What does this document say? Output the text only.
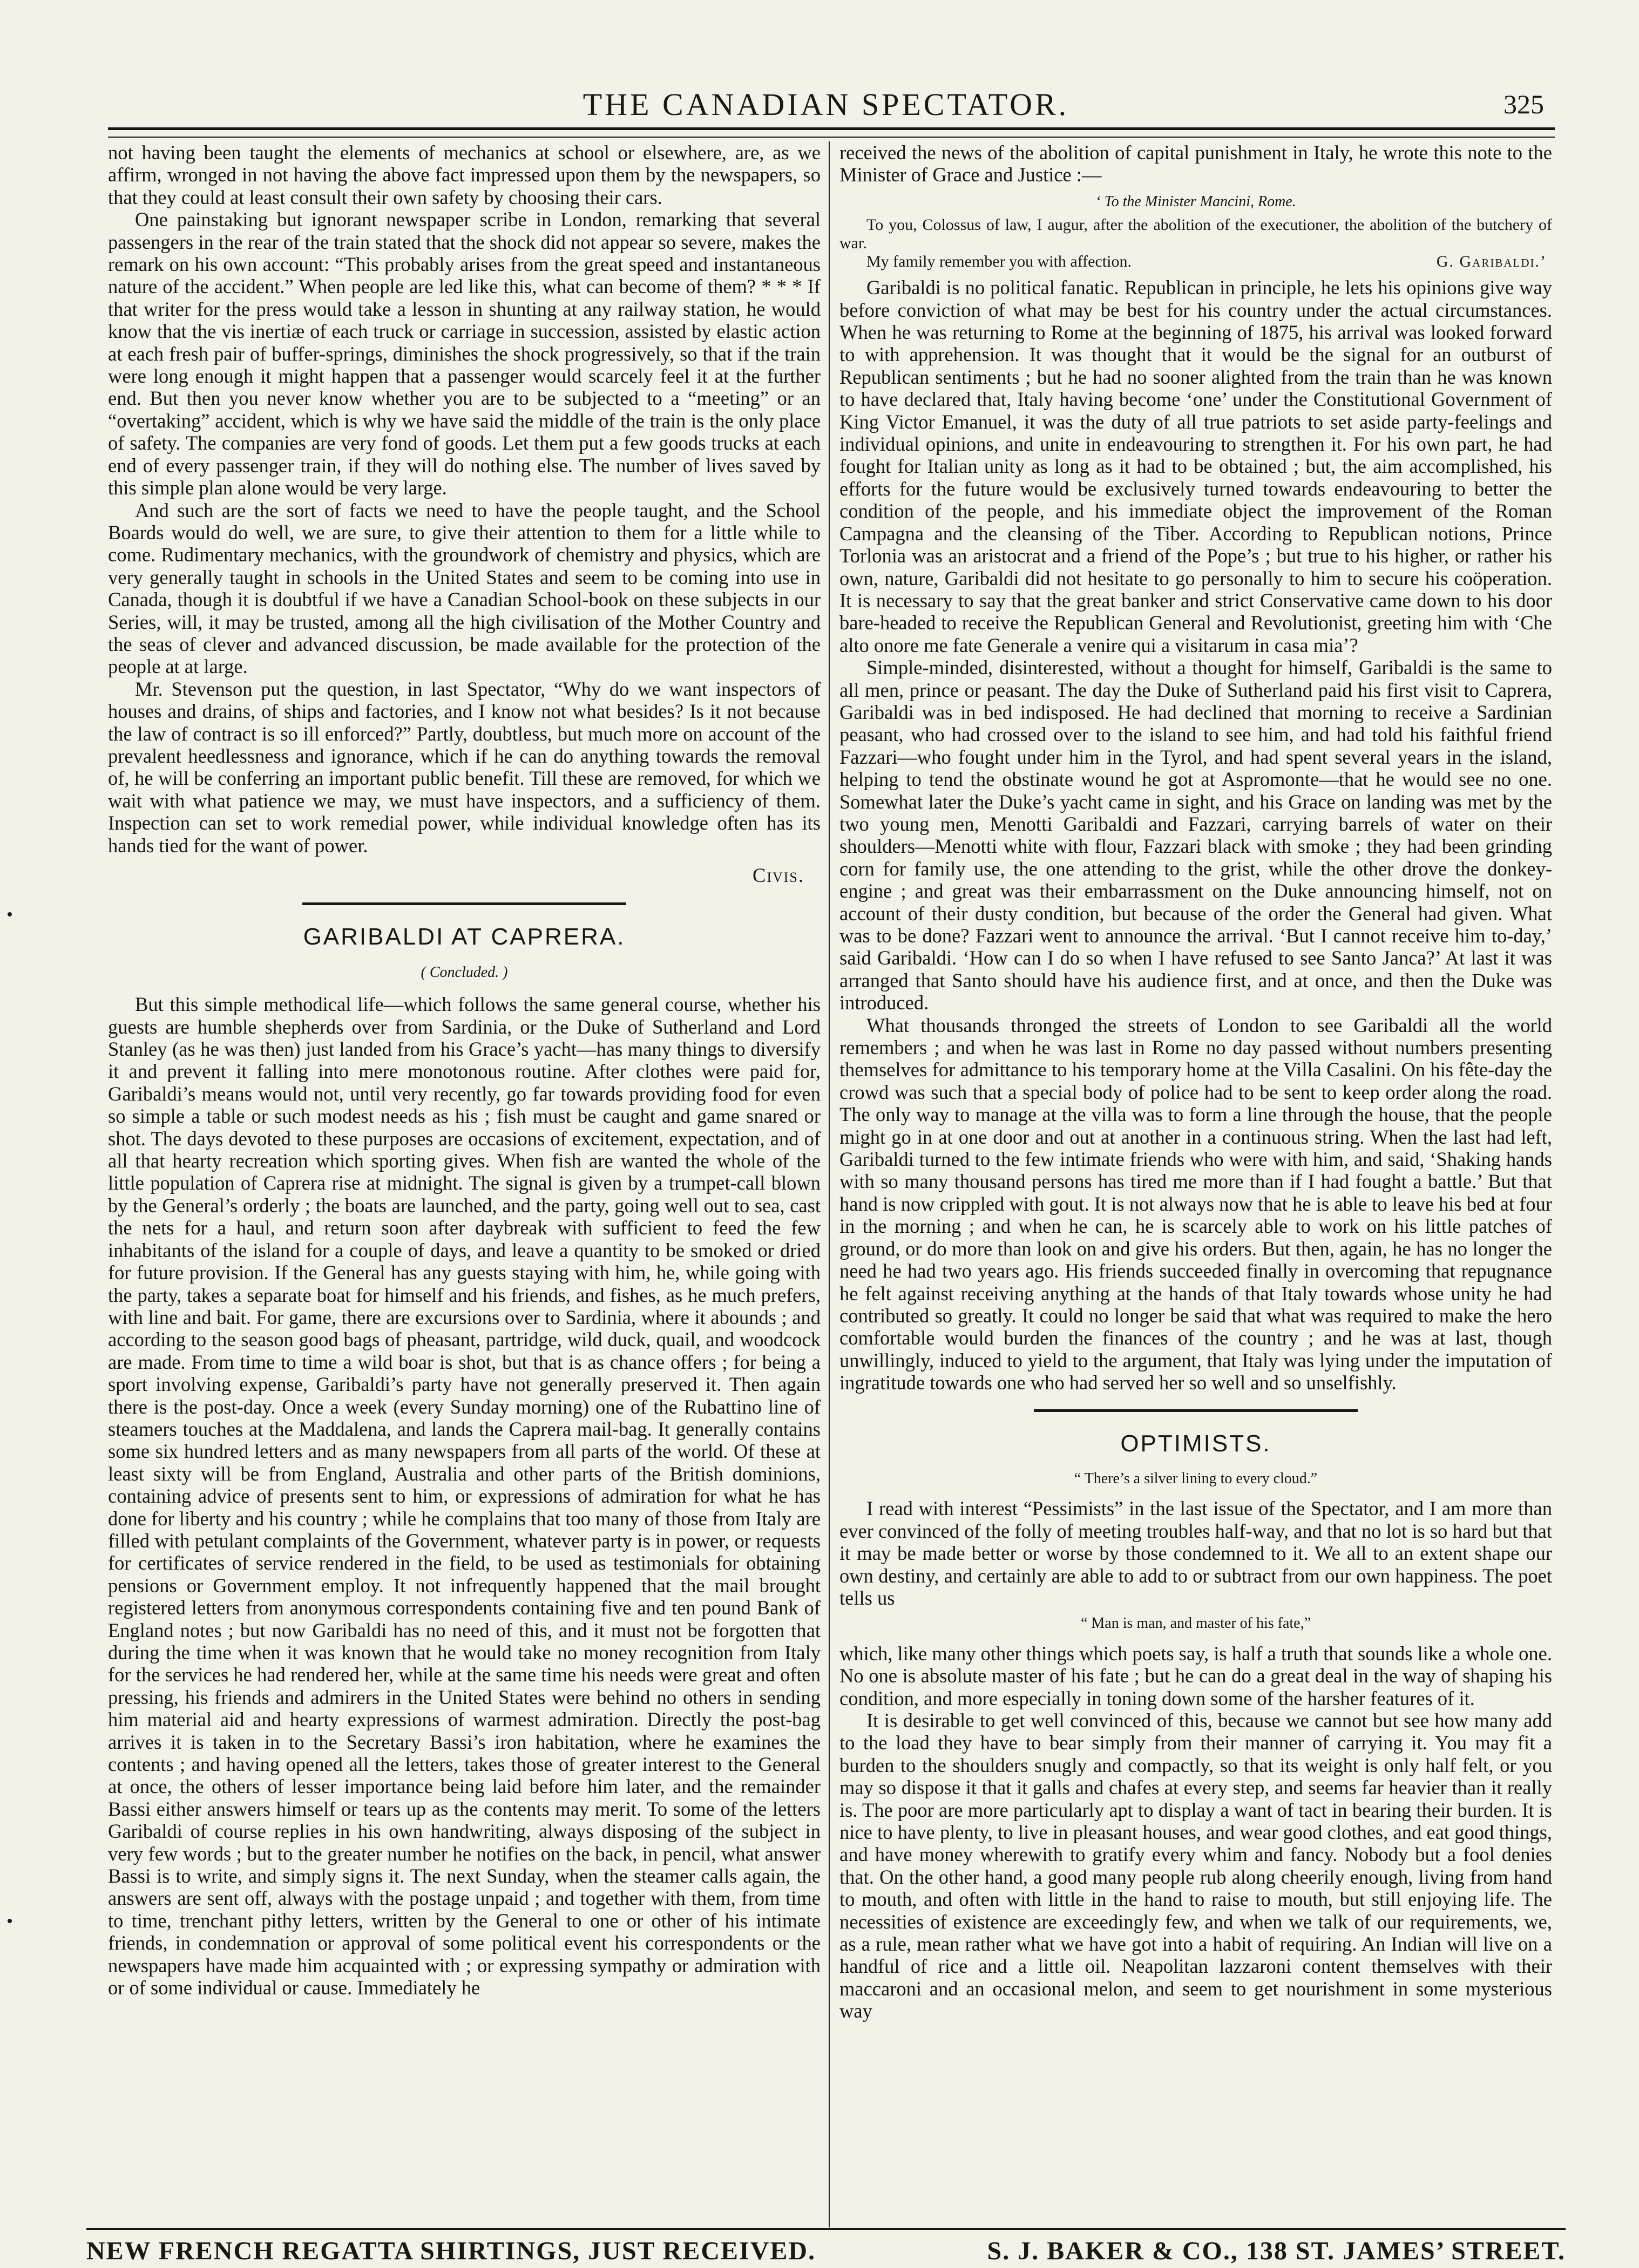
THE CANADIAN SPECTATOR.	325

not having been taught the elements of mechanics at school or elsewhere, are, as we affirm, wronged in not having the above fact impressed upon them by the newspapers, so that they could at least consult their own safety by choosing their cars.

One painstaking but ignorant newspaper scribe in London, remarking that several passengers in the rear of the train stated that the shock did not appear so severe, makes the remark on his own account: “This probably arises from the great speed and instantaneous nature of the accident.” When people are led like this, what can become of them? * * * If that writer for the press would take a lesson in shunting at any railway station, he would know that the vis inertiæ of each truck or carriage in succession, assisted by elastic action at each fresh pair of buffer-springs, diminishes the shock progressively, so that if the train were long enough it might happen that a passenger would scarcely feel it at the further end. But then you never know whether you are to be subjected to a “meeting” or an “overtaking” accident, which is why we have said the middle of the train is the only place of safety. The companies are very fond of goods. Let them put a few goods trucks at each end of every passenger train, if they will do nothing else. The number of lives saved by this simple plan alone would be very large.

And such are the sort of facts we need to have the people taught, and the School Boards would do well, we are sure, to give their attention to them for a little while to come. Rudimentary mechanics, with the groundwork of chemistry and physics, which are very generally taught in schools in the United States and seem to be coming into use in Canada, though it is doubtful if we have a Canadian School-book on these subjects in our Series, will, it may be trusted, among all the high civilisation of the Mother Country and the seas of clever and advanced discussion, be made available for the protection of the people at at large.

Mr. Stevenson put the question, in last Spectator, “Why do we want inspectors of houses and drains, of ships and factories, and I know not what besides? Is it not because the law of contract is so ill enforced?” Partly, doubtless, but much more on account of the prevalent heedlessness and ignorance, which if he can do anything towards the removal of, he will be conferring an important public benefit. Till these are removed, for which we wait with what patience we may, we must have inspectors, and a sufficiency of them. Inspection can set to work remedial power, while individual knowledge often has its hands tied for the want of power.

Civis.
GARIBALDI AT CAPRERA.
( Concluded. )

But this simple methodical life—which follows the same general course, whether his guests are humble shepherds over from Sardinia, or the Duke of Sutherland and Lord Stanley (as he was then) just landed from his Grace’s yacht—has many things to diversify it and prevent it falling into mere monotonous routine. After clothes were paid for, Garibaldi’s means would not, until very recently, go far towards providing food for even so simple a table or such modest needs as his ; fish must be caught and game snared or shot. The days devoted to these purposes are occasions of excitement, expectation, and of all that hearty recreation which sporting gives. When fish are wanted the whole of the little population of Caprera rise at midnight. The signal is given by a trumpet-call blown by the General’s orderly ; the boats are launched, and the party, going well out to sea, cast the nets for a haul, and return soon after daybreak with sufficient to feed the few inhabitants of the island for a couple of days, and leave a quantity to be smoked or dried for future provision. If the General has any guests staying with him, he, while going with the party, takes a separate boat for himself and his friends, and fishes, as he much prefers, with line and bait. For game, there are excursions over to Sardinia, where it abounds ; and according to the season good bags of pheasant, partridge, wild duck, quail, and woodcock are made. From time to time a wild boar is shot, but that is as chance offers ; for being a sport involving expense, Garibaldi’s party have not generally preserved it. Then again there is the post-day. Once a week (every Sunday morning) one of the Rubattino line of steamers touches at the Maddalena, and lands the Caprera mail-bag. It generally contains some six hundred letters and as many newspapers from all parts of the world. Of these at least sixty will be from England, Australia and other parts of the British dominions, containing advice of presents sent to him, or expressions of admiration for what he has done for liberty and his country ; while he complains that too many of those from Italy are filled with petulant complaints of the Government, whatever party is in power, or requests for certificates of service rendered in the field, to be used as testimonials for obtaining pensions or Government employ. It not infrequently happened that the mail brought registered letters from anonymous correspondents containing five and ten pound Bank of England notes ; but now Garibaldi has no need of this, and it must not be forgotten that during the time when it was known that he would take no money recognition from Italy for the services he had rendered her, while at the same time his needs were great and often pressing, his friends and admirers in the United States were behind no others in sending him material aid and hearty expressions of warmest admiration. Directly the post-bag arrives it is taken in to the Secretary Bassi’s iron habitation, where he examines the contents ; and having opened all the letters, takes those of greater interest to the General at once, the others of lesser importance being laid before him later, and the remainder Bassi either answers himself or tears up as the contents may merit. To some of the letters Garibaldi of course replies in his own handwriting, always disposing of the subject in very few words ; but to the greater number he notifies on the back, in pencil, what answer Bassi is to write, and simply signs it. The next Sunday, when the steamer calls again, the answers are sent off, always with the postage unpaid ; and together with them, from time to time, trenchant pithy letters, written by the General to one or other of his intimate friends, in condemnation or approval of some political event his correspondents or the newspapers have made him acquainted with ; or expressing sympathy or admiration with or of some individual or cause. Immediately he

received the news of the abolition of capital punishment in Italy, he wrote this note to the Minister of Grace and Justice :—

‘ To the Minister Mancini, Rome.

To you, Colossus of law, I augur, after the abolition of the executioner, the abolition of the butchery of war.

My family remember you with affection.	G. Garibaldi.’

Garibaldi is no political fanatic. Republican in principle, he lets his opinions give way before conviction of what may be best for his country under the actual circumstances. When he was returning to Rome at the beginning of 1875, his arrival was looked forward to with apprehension. It was thought that it would be the signal for an outburst of Republican sentiments ; but he had no sooner alighted from the train than he was known to have declared that, Italy having become ‘one’ under the Constitutional Government of King Victor Emanuel, it was the duty of all true patriots to set aside party-feelings and individual opinions, and unite in endeavouring to strengthen it. For his own part, he had fought for Italian unity as long as it had to be obtained ; but, the aim accomplished, his efforts for the future would be exclusively turned towards endeavouring to better the condition of the people, and his immediate object the improvement of the Roman Campagna and the cleansing of the Tiber. According to Republican notions, Prince Torlonia was an aristocrat and a friend of the Pope’s ; but true to his higher, or rather his own, nature, Garibaldi did not hesitate to go personally to him to secure his coöperation. It is necessary to say that the great banker and strict Conservative came down to his door bare-headed to receive the Republican General and Revolutionist, greeting him with ‘Che alto onore me fate Generale a venire qui a visitarum in casa mia’?

Simple-minded, disinterested, without a thought for himself, Garibaldi is the same to all men, prince or peasant. The day the Duke of Sutherland paid his first visit to Caprera, Garibaldi was in bed indisposed. He had declined that morning to receive a Sardinian peasant, who had crossed over to the island to see him, and had told his faithful friend Fazzari—who fought under him in the Tyrol, and had spent several years in the island, helping to tend the obstinate wound he got at Aspromonte—that he would see no one. Somewhat later the Duke’s yacht came in sight, and his Grace on landing was met by the two young men, Menotti Garibaldi and Fazzari, carrying barrels of water on their shoulders—Menotti white with flour, Fazzari black with smoke ; they had been grinding corn for family use, the one attending to the grist, while the other drove the donkey-engine ; and great was their embarrassment on the Duke announcing himself, not on account of their dusty condition, but because of the order the General had given. What was to be done? Fazzari went to announce the arrival. ‘But I cannot receive him to-day,’ said Garibaldi. ‘How can I do so when I have refused to see Santo Janca?’ At last it was arranged that Santo should have his audience first, and at once, and then the Duke was introduced.

What thousands thronged the streets of London to see Garibaldi all the world remembers ; and when he was last in Rome no day passed without numbers presenting themselves for admittance to his temporary home at the Villa Casalini. On his fête-day the crowd was such that a special body of police had to be sent to keep order along the road. The only way to manage at the villa was to form a line through the house, that the people might go in at one door and out at another in a continuous string. When the last had left, Garibaldi turned to the few intimate friends who were with him, and said, ‘Shaking hands with so many thousand persons has tired me more than if I had fought a battle.’ But that hand is now crippled with gout. It is not always now that he is able to leave his bed at four in the morning ; and when he can, he is scarcely able to work on his little patches of ground, or do more than look on and give his orders. But then, again, he has no longer the need he had two years ago. His friends succeeded finally in overcoming that repugnance he felt against receiving anything at the hands of that Italy towards whose unity he had contributed so greatly. It could no longer be said that what was required to make the hero comfortable would burden the finances of the country ; and he was at last, though unwillingly, induced to yield to the argument, that Italy was lying under the imputation of ingratitude towards one who had served her so well and so unselfishly.

OPTIMISTS.
“ There’s a silver lining to every cloud.”

I read with interest “Pessimists” in the last issue of the Spectator, and I am more than ever convinced of the folly of meeting troubles half-way, and that no lot is so hard but that it may be made better or worse by those condemned to it. We all to an extent shape our own destiny, and certainly are able to add to or subtract from our own happiness. The poet tells us

“ Man is man, and master of his fate,”

which, like many other things which poets say, is half a truth that sounds like a whole one. No one is absolute master of his fate ; but he can do a great deal in the way of shaping his condition, and more especially in toning down some of the harsher features of it.

It is desirable to get well convinced of this, because we cannot but see how many add to the load they have to bear simply from their manner of carrying it. You may fit a burden to the shoulders snugly and compactly, so that its weight is only half felt, or you may so dispose it that it galls and chafes at every step, and seems far heavier than it really is. The poor are more particularly apt to display a want of tact in bearing their burden. It is nice to have plenty, to live in pleasant houses, and wear good clothes, and eat good things, and have money wherewith to gratify every whim and fancy. Nobody but a fool denies that. On the other hand, a good many people rub along cheerily enough, living from hand to mouth, and often with little in the hand to raise to mouth, but still enjoying life. The necessities of existence are exceedingly few, and when we talk of our requirements, we, as a rule, mean rather what we have got into a habit of requiring. An Indian will live on a handful of rice and a little oil. Neapolitan lazzaroni content themselves with their maccaroni and an occasional melon, and seem to get nourishment in some mysterious way

NEW FRENCH REGATTA SHIRTINGS, JUST RECEIVED.	S. J. BAKER & CO., 138 ST. JAMES’ STREET.
